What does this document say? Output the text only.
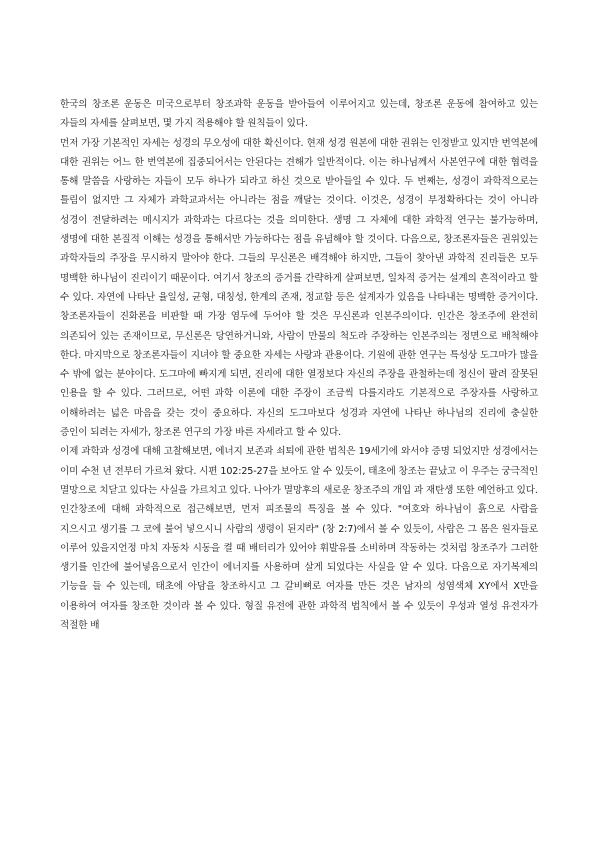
한국의 창조론 운동은 미국으로부터 창조과학 운동을 받아들여 이루어지고 있는데, 창조론 운동에 참여하고 있는 자들의 자세를 살펴보면, 몇 가지 적용해야 할 원칙들이 있다.

먼저 가장 기본적인 자세는 성경의 무오성에 대한 확신이다. 현재 성경 원본에 대한 권위는 인정받고 있지만 번역본에 대한 권위는 어느 한 번역본에 집중되어서는 안된다는 견해가 일반적이다. 이는 하나님께서 사본연구에 대한 협력을 통해 말씀을 사랑하는 자들이 모두 하나가 되라고 하신 것으로 받아들일 수 있다. 두 번째는, 성경이 과학적으로는 틀림이 없지만 그 자체가 과학교과서는 아니라는 점을 깨달는 것이다. 이것은, 성경이 부정확하다는 것이 아니라 성경이 전달하려는 메시지가 과학과는 다르다는 것을 의미한다. 생명 그 자체에 대한 과학적 연구는 불가능하며, 생명에 대한 본질적 이해는 성경을 통해서만 가능하다는 점을 유념해야 할 것이다. 다음으로, 창조론자들은 권위있는 과학자들의 주장을 무시하지 말아야 한다. 그들의 무신론은 배격해야 하지만, 그들이 찾아낸 과학적 진리들은 모두 명백한 하나님이 진리이기 때문이다. 여기서 창조의 증거를 간략하게 살펴보면, 일차적 증거는 설계의 흔적이라고 할 수 있다. 자연에 나타난 율일성, 균형, 대칭성, 한계의 존재, 정교함 등은 설계자가 있음을 나타내는 명백한 증거이다. 창조론자들이 진화론을 비판할 때 가장 염두에 두어야 할 것은 무신론과 인본주의이다. 인간은 창조주에 완전히 의존되어 있는 존재이므로, 무신론은 당연하거니와, 사람이 만물의 척도라 주장하는 인본주의는 정면으로 배척해야 한다. 마지막으로 창조론자들이 지녀야 할 중요한 자세는 사랑과 관용이다. 기원에 관한 연구는 특성상 도그마가 많을 수 밖에 없는 분야이다. 도그마에 빠지게 되면, 진리에 대한 열정보다 자신의 주장을 관철하는데 정신이 팔려 잘못된 인용을 할 수 있다. 그러므로, 어떤 과학 이론에 대한 주장이 조금씩 다를지라도 기본적으로 주장자를 사랑하고 이해하려는 넓은 마음을 갖는 것이 중요하다. 자신의 도그마보다 성경과 자연에 나타난 하나님의 진리에 충실한 증인이 되려는 자세가, 창조론 연구의 가장 바른 자세라고 할 수 있다.

이제 과학과 성경에 대해 고찰해보면, 에너지 보존과 쇠퇴에 관한 법칙은 19세기에 와서야 증명 되었지만 성경에서는 이미 수천 년 전부터 가르쳐 왔다. 시편 102:25-27을 보아도 알 수 있듯이, 태초에 창조는 끝났고 이 우주는 궁극적인 멸망으로 치닫고 있다는 사실을 가르치고 있다. 나아가 멸망후의 새로운 창조주의 개입 과 재탄생 또한 예언하고 있다.

인간창조에 대해 과학적으로 접근해보면, 먼저 피조물의 특징을 볼 수 있다. "여호와 하나님이 흙으로 사람을 지으시고 생기를 그 코에 불어 넣으시니 사람의 생령이 된지라" (창 2:7)에서 볼 수 있듯이, 사람은 그 몸은 원자들로 이루어 있을지언정 마치 자동차 시동을 켤 때 배터리가 있어야 휘발유를 소비하며 작동하는 것처럼 창조주가 그러한 생기를 인간에 불어넣음으로서 인간이 에너지를 사용하며 살게 되었다는 사실을 알 수 있다. 다음으로 자기복제의 기능을 들 수 있는데, 태초에 아담을 창조하시고 그 갈비뼈로 여자를 만든 것은 남자의 성염색체 XY에서 X만을 이용하여 여자를 창조한 것이라 볼 수 있다. 형질 유전에 관한 과학적 법칙에서 볼 수 있듯이 우성과 열성 유전자가 적절한 배
